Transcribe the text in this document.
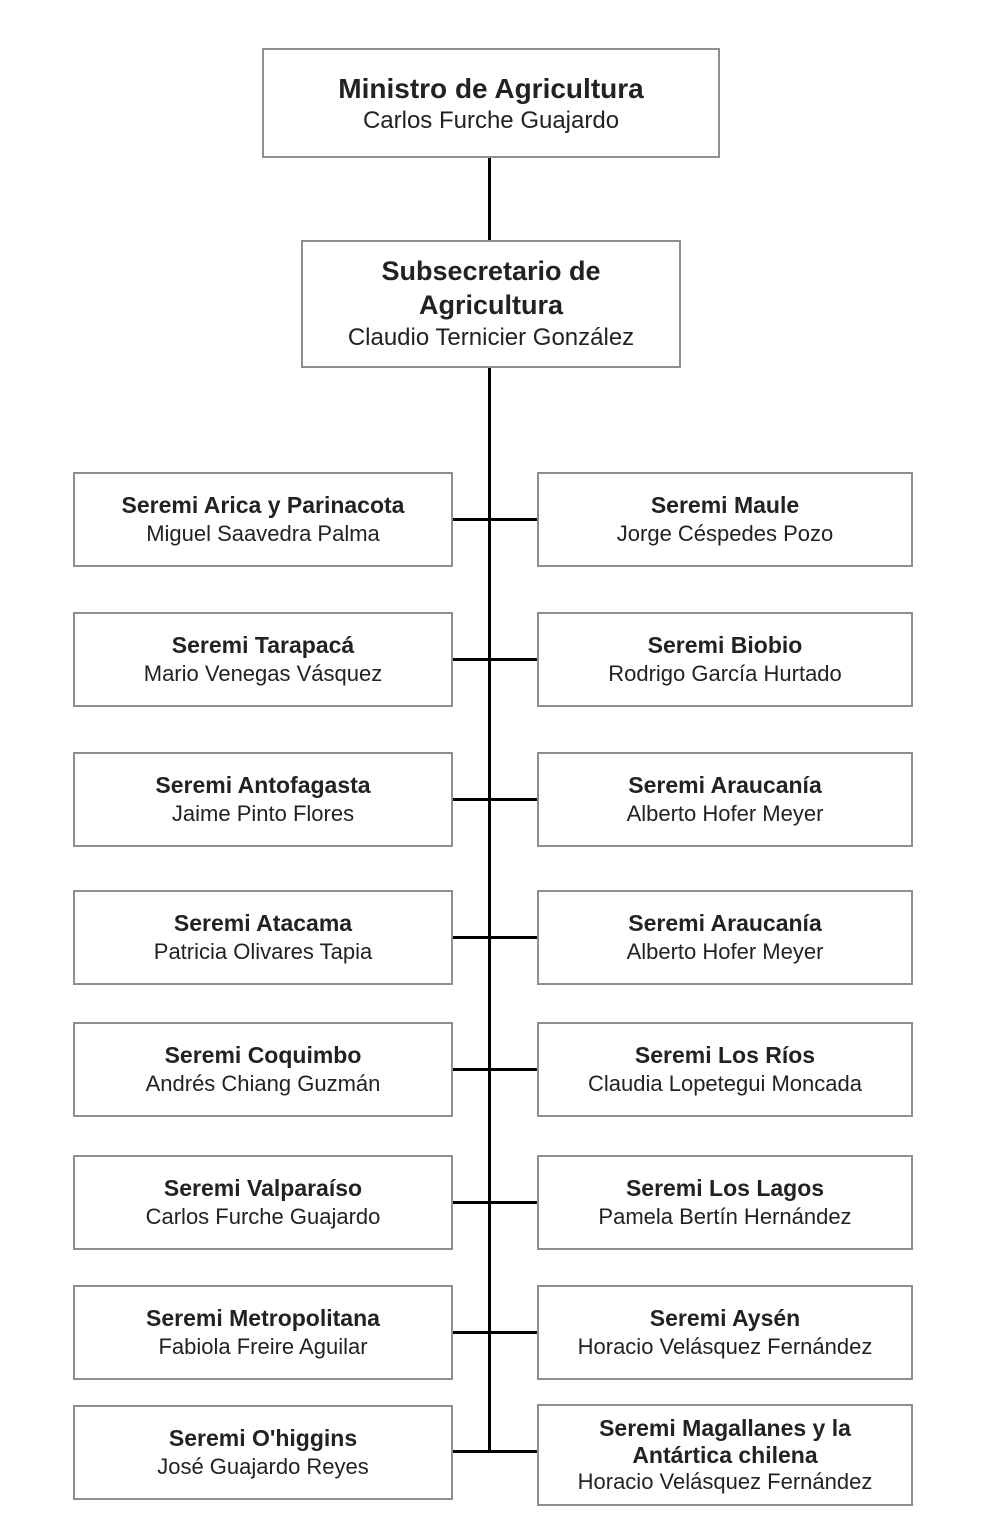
Ministro de Agricultura
Carlos Furche Guajardo
Subsecretario de
Agricultura
Claudio Ternicier González
Seremi Arica y Parinacota
Miguel Saavedra Palma
Seremi Maule
Jorge Céspedes Pozo
Seremi Tarapacá
Mario Venegas Vásquez
Seremi Biobio
Rodrigo García Hurtado
Seremi Antofagasta
Jaime Pinto Flores
Seremi Araucanía
Alberto Hofer Meyer
Seremi Atacama
Patricia Olivares Tapia
Seremi Araucanía
Alberto Hofer Meyer
Seremi Coquimbo
Andrés Chiang Guzmán
Seremi Los Ríos
Claudia Lopetegui Moncada
Seremi Valparaíso
Carlos Furche Guajardo
Seremi Los Lagos
Pamela Bertín Hernández
Seremi Metropolitana
Fabiola Freire Aguilar
Seremi Aysén
Horacio Velásquez Fernández
Seremi O'higgins
José Guajardo Reyes
Seremi Magallanes y la
Antártica chilena
Horacio Velásquez Fernández
